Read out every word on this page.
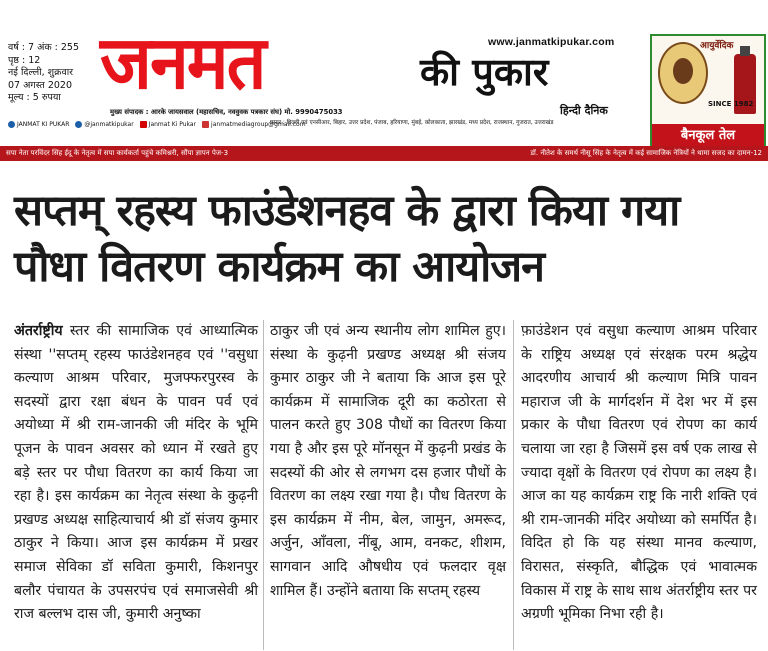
वर्ष : 7 अंक : 255
पृष्ठ : 12
नई दिल्ली, शुक्रवार
07 अगस्त 2020
मूल्य : 5 रुपया
www.janmatkipukar.com
जनमत	की पुकार
हिन्दी दैनिक
मुख्य संपादक : आरके जायसवाल (महासचिव, नववुवक पत्रकार संघ) मो. 9990475033
JANMAT KI PUKAR	@janmatkipukar	Janmat Ki Pukar	janmatmediagroup@gmail.com
प्रसार : दिल्ली एवं एनसीआर, बिहार, उत्तर प्रदेश, पंजाब, हरियाणा, मुंबई, कोलकाता, झारखंड, मध्य प्रदेश, राजस्थान, गुजरात, उत्तराखंड
आयुर्वेदिक
SINCE 1982
बैनकूल तेल
सपा नेता परविंदर सिंह ईदू के नेतृत्व में सपा कार्यकर्ता पहुंचे कमिश्नरी, सौंपा ज्ञापन पेज-3	डॉ. नीतेश के समर्थ नीसू सिंह के नेतृत्व में कई सामाजिक नेत्रियों ने थामा सजद का दामन-12
सप्तम् रहस्य फाउंडेशनहव के द्वारा किया गया पौधा वितरण कार्यक्रम का आयोजन
अंतर्राष्ट्रीय स्तर की सामाजिक एवं आध्यात्मिक संस्था ''सप्तम् रहस्य फाउंडेशनहव एवं ''वसुधा कल्याण आश्रम परिवार, मुजफ्फरपुरस्व के सदस्यों द्वारा रक्षा बंधन के पावन पर्व एवं अयोध्या में श्री राम-जानकी जी मंदिर के भूमि पूजन के पावन अवसर को ध्यान में रखते हुए बड़े स्तर पर पौधा वितरण का कार्य किया जा रहा है। इस कार्यक्रम का नेतृत्व संस्था के कुढ़नी प्रखण्ड अध्यक्ष साहित्याचार्य श्री डॉ संजय कुमार ठाकुर ने किया। आज इस कार्यक्रम में प्रखर समाज सेविका डॉ सविता कुमारी, किशनपुर बलौर पंचायत के उपसरपंच एवं समाजसेवी श्री राज बल्लभ दास जी, कुमारी अनुष्का
ठाकुर जी एवं अन्य स्थानीय लोग शामिल हुए। संस्था के कुढ़नी प्रखण्ड अध्यक्ष श्री संजय कुमार ठाकुर जी ने बताया कि आज इस पूरे कार्यक्रम में सामाजिक दूरी का कठोरता से पालन करते हुए 308 पौधों का वितरण किया गया है और इस पूरे मॉनसून में कुढ़नी प्रखंड के सदस्यों की ओर से लगभग दस हजार पौधों के वितरण का लक्ष्य रखा गया है। पौध वितरण के इस कार्यक्रम में नीम, बेल, जामुन, अमरूद, अर्जुन, आँवला, नींबू, आम, वनकट, शीशम, सागवान आदि औषधीय एवं फलदार वृक्ष शामिल हैं। उन्होंने बताया कि सप्तम् रहस्य
फ़ाउंडेशन एवं वसुधा कल्याण आश्रम परिवार के राष्ट्रिय अध्यक्ष एवं संरक्षक परम श्रद्धेय आदरणीय आचार्य श्री कल्याण मित्रि पावन महाराज जी के मार्गदर्शन में देश भर में इस प्रकार के पौधा वितरण एवं रोपण का कार्य चलाया जा रहा है जिसमें इस वर्ष एक लाख से ज्यादा वृक्षों के वितरण एवं रोपण का लक्ष्य है। आज का यह कार्यक्रम राष्ट्र कि नारी शक्ति एवं श्री राम-जानकी मंदिर अयोध्या को समर्पित है। विदित हो कि यह संस्था मानव कल्याण, विरासत, संस्कृति, बौद्धिक एवं भावात्मक विकास में राष्ट्र के साथ साथ अंतर्राष्ट्रीय स्तर पर अग्रणी भूमिका निभा रही है।
